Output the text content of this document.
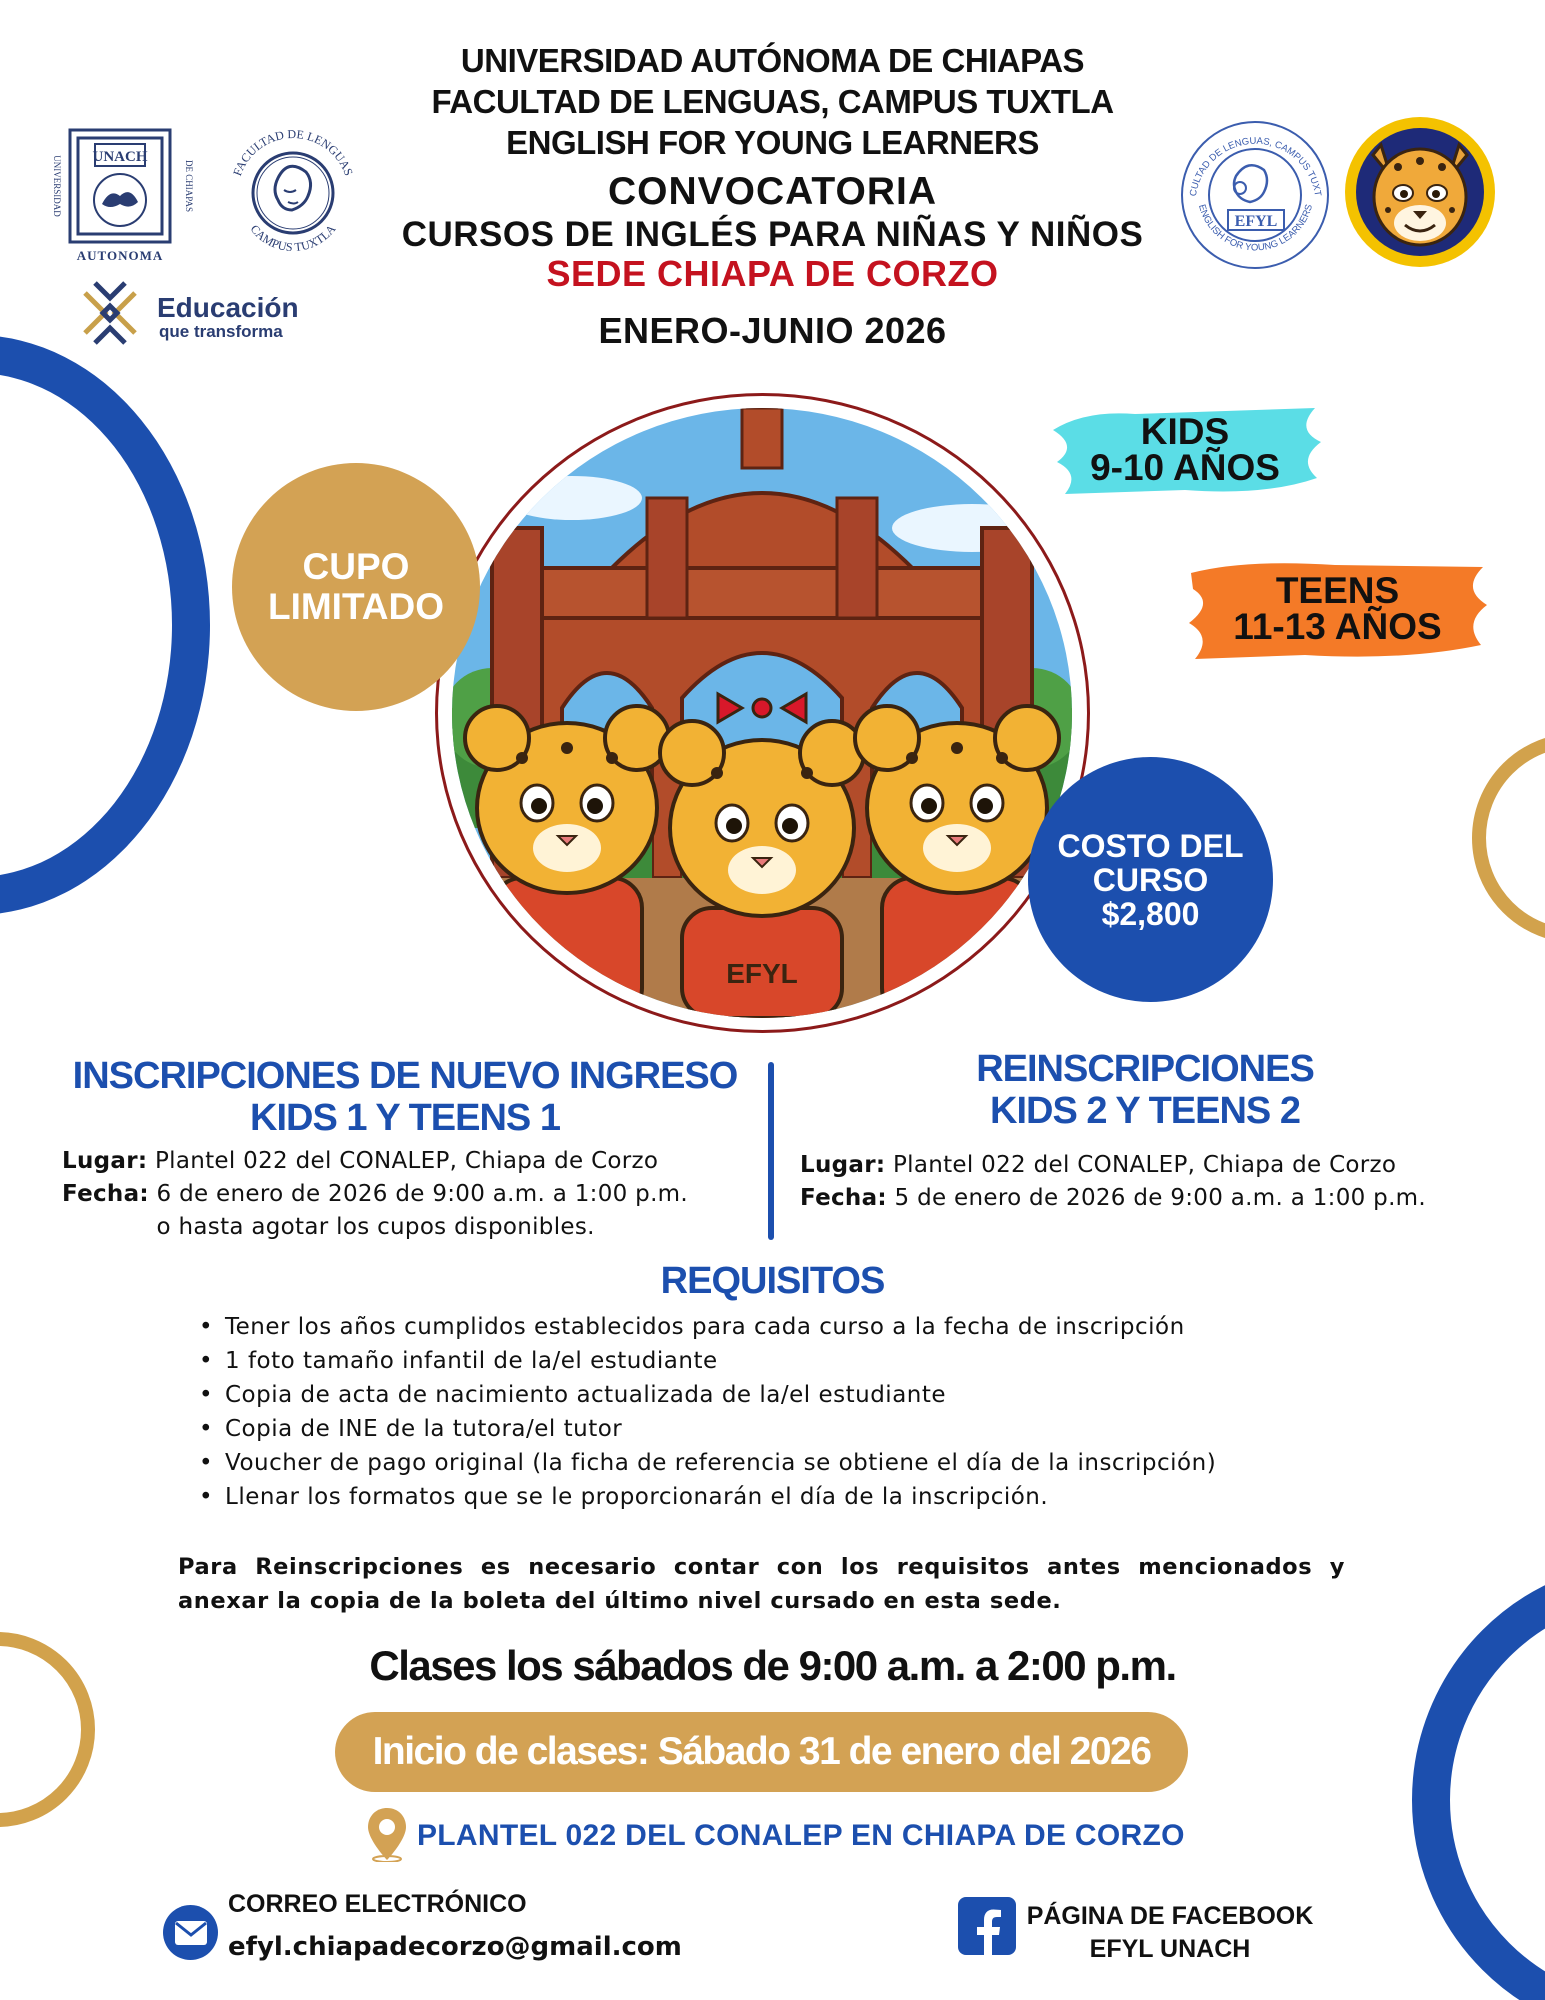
UNIVERSIDAD AUTÓNOMA DE CHIAPAS
FACULTAD DE LENGUAS, CAMPUS TUXTLA
ENGLISH FOR YOUNG LEARNERS
CONVOCATORIA
CURSOS DE INGLÉS PARA NIÑAS Y NIÑOS
SEDE CHIAPA DE CORZO
ENERO-JUNIO 2026
UNACH
AUTONOMA
UNIVERSIDAD	DE CHIAPAS	FACULTAD DE LENGUAS
CAMPUS TUXTLA
Educación
que transforma
EFYL
CULTAD DE LENGUAS, CAMPUS TUXT
ENGLISH FOR YOUNG LEARNERS
EFYL
CUPO
LIMITADO
KIDS
9-10 AÑOS
TEENS
11-13 AÑOS
COSTO DEL
CURSO
$2,800
INSCRIPCIONES DE NUEVO INGRESO
KIDS 1 Y TEENS 1
Lugar:
Plantel 022 del CONALEP, Chiapa de Corzo
Fecha:
6 de enero de 2026 de 9:00 a.m. a 1:00 p.m.
o hasta agotar los cupos disponibles.
REINSCRIPCIONES
KIDS 2 Y TEENS 2
Lugar:
Plantel 022 del CONALEP, Chiapa de Corzo
Fecha:
5 de enero de 2026 de 9:00 a.m. a 1:00 p.m.
REQUISITOS
• Tener los años cumplidos establecidos para cada curso a la fecha de inscripción
• 1 foto tamaño infantil de la/el estudiante
• Copia de acta de nacimiento actualizada de la/el estudiante
• Copia de INE de la tutora/el tutor
• Voucher de pago original (la ficha de referencia se obtiene el día de la inscripción)
• Llenar los formatos que se le proporcionarán el día de la inscripción.
Para Reinscripciones es necesario contar con los requisitos antes mencionados y anexar la copia de la boleta del último nivel cursado en esta sede.
Clases los sábados de 9:00 a.m. a 2:00 p.m.
Inicio de clases: Sábado 31 de enero del 2026
PLANTEL 022 DEL CONALEP EN CHIAPA DE CORZO
CORREO ELECTRÓNICO
efyl.chiapadecorzo@gmail.com
PÁGINA DE FACEBOOK
EFYL UNACH
